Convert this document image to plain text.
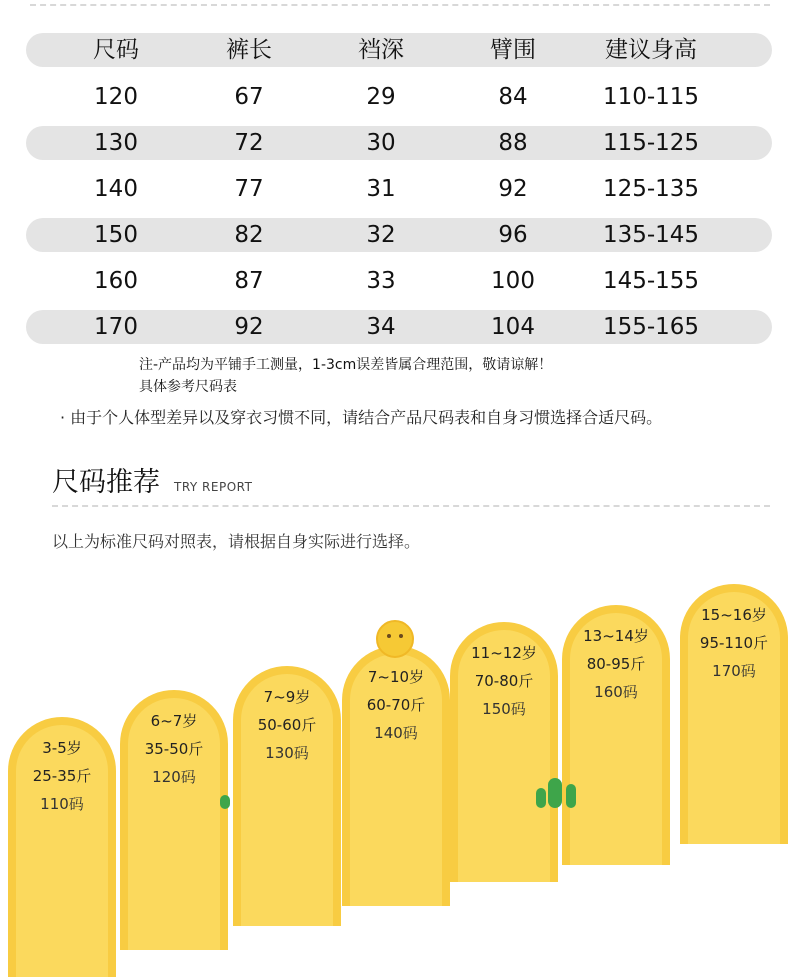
尺码	裤长	裆深	臂围	建议身高
120	67	29	84	110-115
130	72	30	88	115-125
140	77	31	92	125-135
150	82	32	96	135-145
160	87	33	100	145-155
170	92	34	104	155-165
注-产品均为平铺手工测量，1-3cm误差皆属合理范围，敬请谅解！
具体参考尺码表
· 由于个人体型差异以及穿衣习惯不同，请结合产品尺码表和自身习惯选择合适尺码。
尺码推荐 TRY REPORT
以上为标准尺码对照表，请根据自身实际进行选择。
3-5岁
25-35斤
110码
6~7岁
35-50斤
120码
7~9岁
50-60斤
130码
7~10岁
60-70斤
140码
11~12岁
70-80斤
150码
13~14岁
80-95斤
160码
15~16岁
95-110斤
170码
